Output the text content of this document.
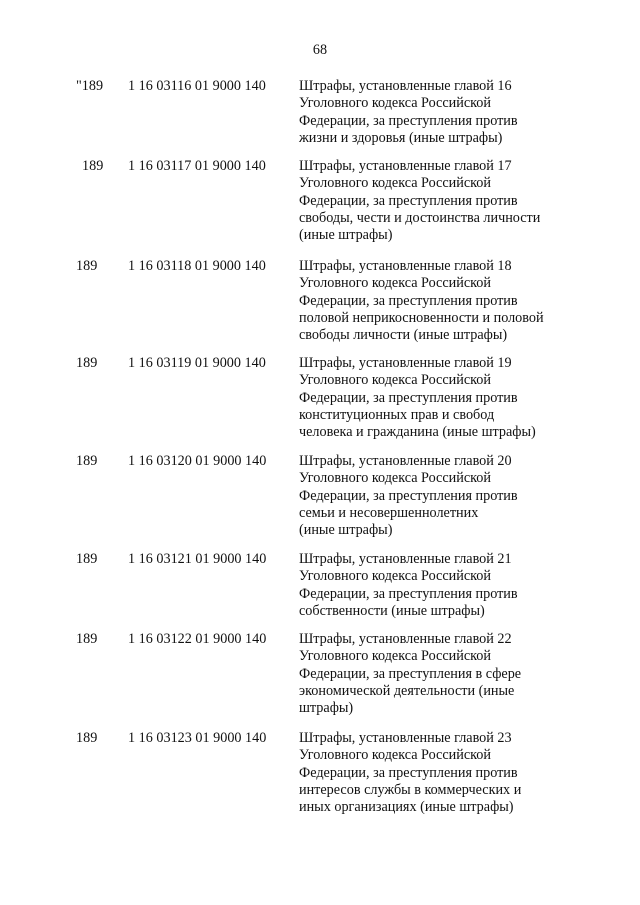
68
"189	1 16 03116 01 9000 140	Штрафы, установленные главой 16
Уголовного кодекса Российской
Федерации, за преступления против
жизни и здоровья (иные штрафы)
189	1 16 03117 01 9000 140	Штрафы, установленные главой 17
Уголовного кодекса Российской
Федерации, за преступления против
свободы, чести и достоинства личности
(иные штрафы)
189	1 16 03118 01 9000 140	Штрафы, установленные главой 18
Уголовного кодекса Российской
Федерации, за преступления против
половой неприкосновенности и половой
свободы личности (иные штрафы)
189	1 16 03119 01 9000 140	Штрафы, установленные главой 19
Уголовного кодекса Российской
Федерации, за преступления против
конституционных прав и свобод
человека и гражданина (иные штрафы)
189	1 16 03120 01 9000 140	Штрафы, установленные главой 20
Уголовного кодекса Российской
Федерации, за преступления против
семьи и несовершеннолетних
(иные штрафы)
189	1 16 03121 01 9000 140	Штрафы, установленные главой 21
Уголовного кодекса Российской
Федерации, за преступления против
собственности (иные штрафы)
189	1 16 03122 01 9000 140	Штрафы, установленные главой 22
Уголовного кодекса Российской
Федерации, за преступления в сфере
экономической деятельности (иные
штрафы)
189	1 16 03123 01 9000 140	Штрафы, установленные главой 23
Уголовного кодекса Российской
Федерации, за преступления против
интересов службы в коммерческих и
иных организациях (иные штрафы)
